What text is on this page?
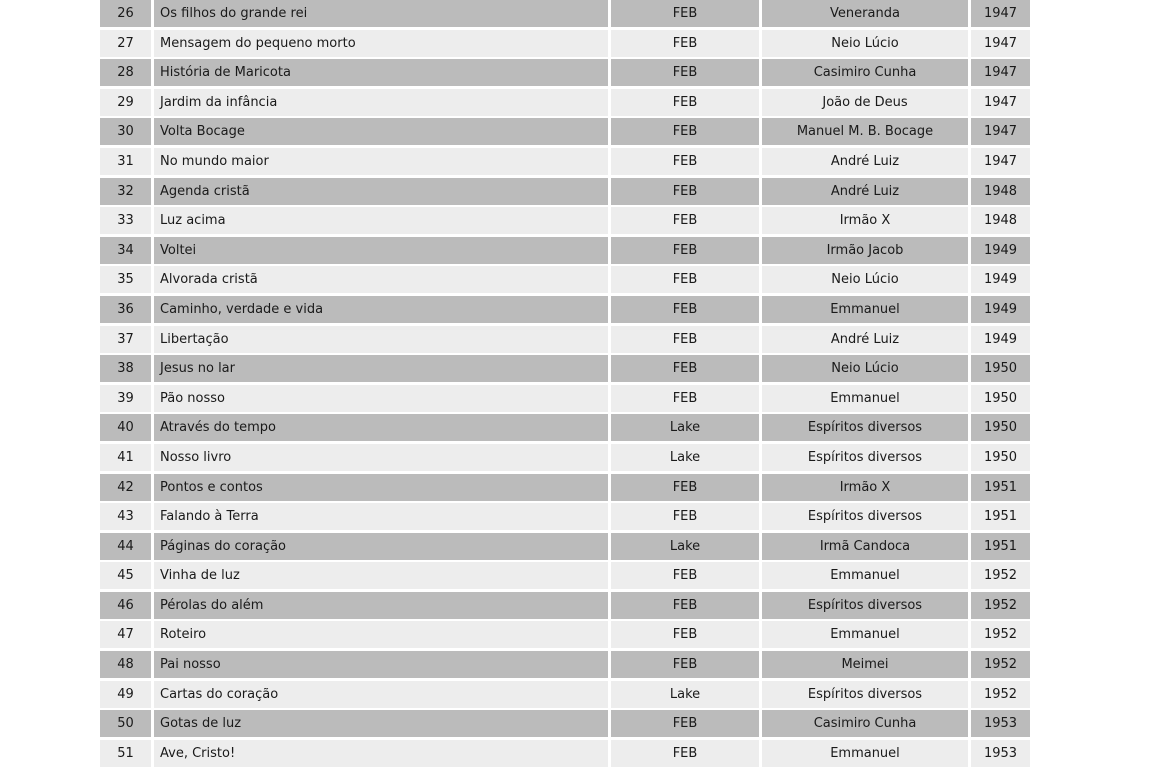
26	Os filhos do grande rei	FEB	Veneranda	1947
27	Mensagem do pequeno morto	FEB	Neio Lúcio	1947
28	História de Maricota	FEB	Casimiro Cunha	1947
29	Jardim da infância	FEB	João de Deus	1947
30	Volta Bocage	FEB	Manuel M. B. Bocage	1947
31	No mundo maior	FEB	André Luiz	1947
32	Agenda cristã	FEB	André Luiz	1948
33	Luz acima	FEB	Irmão X	1948
34	Voltei	FEB	Irmão Jacob	1949
35	Alvorada cristã	FEB	Neio Lúcio	1949
36	Caminho, verdade e vida	FEB	Emmanuel	1949
37	Libertação	FEB	André Luiz	1949
38	Jesus no lar	FEB	Neio Lúcio	1950
39	Pão nosso	FEB	Emmanuel	1950
40	Através do tempo	Lake	Espíritos diversos	1950
41	Nosso livro	Lake	Espíritos diversos	1950
42	Pontos e contos	FEB	Irmão X	1951
43	Falando à Terra	FEB	Espíritos diversos	1951
44	Páginas do coração	Lake	Irmã Candoca	1951
45	Vinha de luz	FEB	Emmanuel	1952
46	Pérolas do além	FEB	Espíritos diversos	1952
47	Roteiro	FEB	Emmanuel	1952
48	Pai nosso	FEB	Meimei	1952
49	Cartas do coração	Lake	Espíritos diversos	1952
50	Gotas de luz	FEB	Casimiro Cunha	1953
51	Ave, Cristo!	FEB	Emmanuel	1953
